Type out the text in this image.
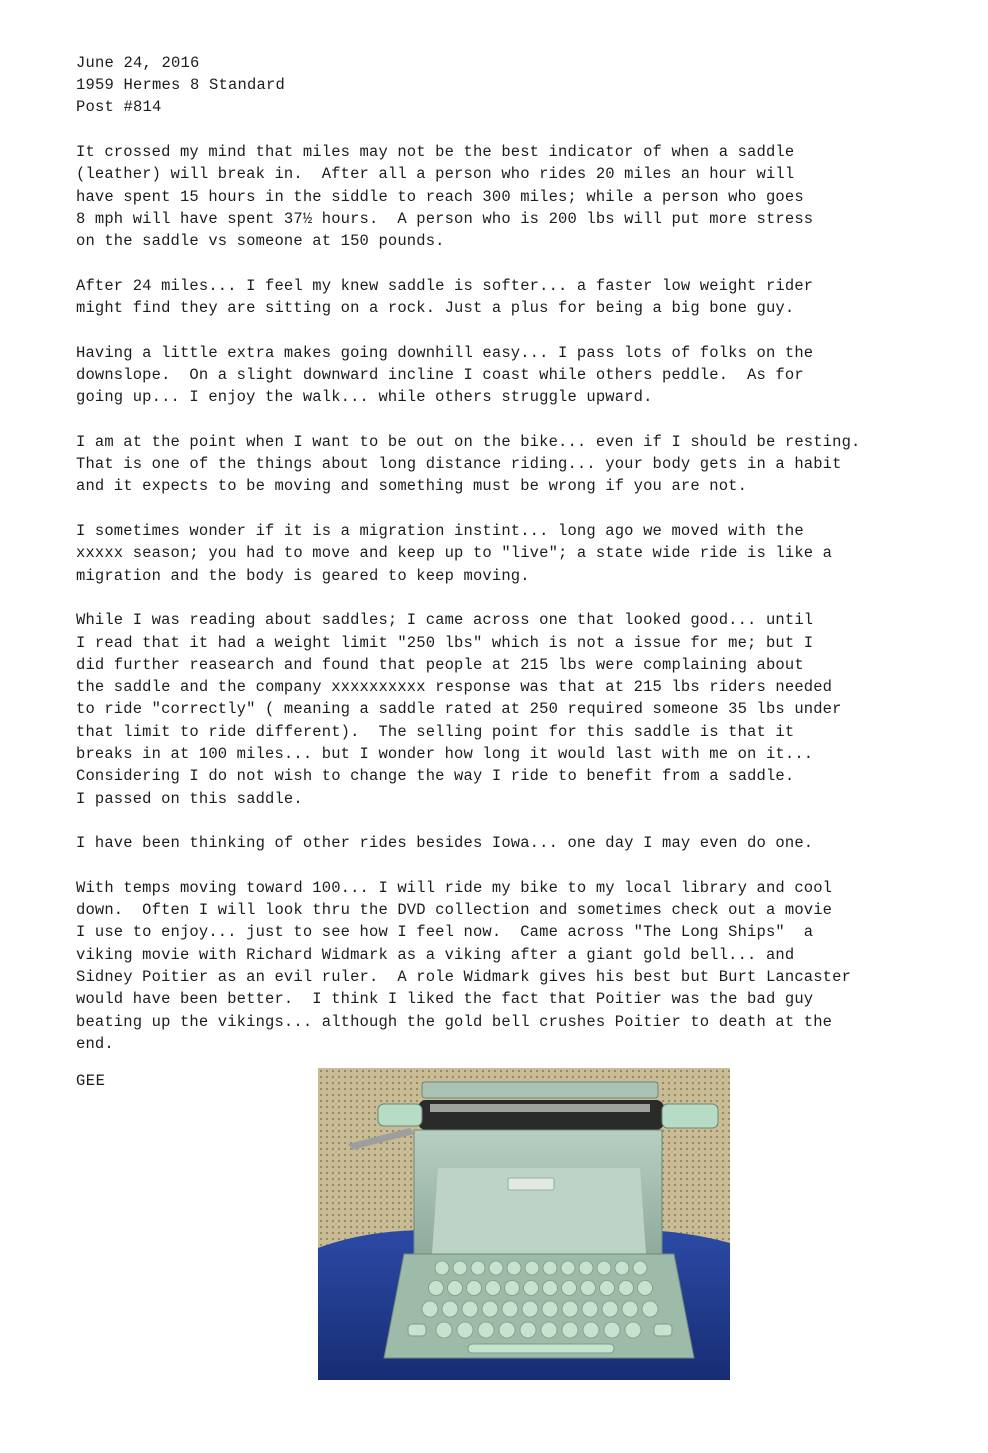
June 24, 2016
1959 Hermes 8 Standard
Post #814
It crossed my mind that miles may not be the best indicator of when a saddle
(leather) will break in.  After all a person who rides 20 miles an hour will
have spent 15 hours in the siddle to reach 300 miles; while a person who goes
8 mph will have spent 37½ hours.  A person who is 200 lbs will put more stress
on the saddle vs someone at 150 pounds.
After 24 miles... I feel my knew saddle is softer... a faster low weight rider
might find they are sitting on a rock. Just a plus for being a big bone guy.
Having a little extra makes going downhill easy... I pass lots of folks on the
downslope.  On a slight downward incline I coast while others peddle.  As for
going up... I enjoy the walk... while others struggle upward.
I am at the point when I want to be out on the bike... even if I should be resting.
That is one of the things about long distance riding... your body gets in a habit
and it expects to be moving and something must be wrong if you are not.
I sometimes wonder if it is a migration instint... long ago we moved with the
xxxxx season; you had to move and keep up to "live"; a state wide ride is like a
migration and the body is geared to keep moving.
While I was reading about saddles; I came across one that looked good... until
I read that it had a weight limit "250 lbs" which is not a issue for me; but I
did further reasearch and found that people at 215 lbs were complaining about
the saddle and the company xxxxxxxxxx response was that at 215 lbs riders needed
to ride "correctly" ( meaning a saddle rated at 250 required someone 35 lbs under
that limit to ride different).  The selling point for this saddle is that it
breaks in at 100 miles... but I wonder how long it would last with me on it...
Considering I do not wish to change the way I ride to benefit from a saddle.
I passed on this saddle.
I have been thinking of other rides besides Iowa... one day I may even do one.
With temps moving toward 100... I will ride my bike to my local library and cool
down.  Often I will look thru the DVD collection and sometimes check out a movie
I use to enjoy... just to see how I feel now.  Came across "The Long Ships"  a
viking movie with Richard Widmark as a viking after a giant gold bell... and
Sidney Poitier as an evil ruler.  A role Widmark gives his best but Burt Lancaster
would have been better.  I think I liked the fact that Poitier was the bad guy
beating up the vikings... although the gold bell crushes Poitier to death at the
end.
GEE
